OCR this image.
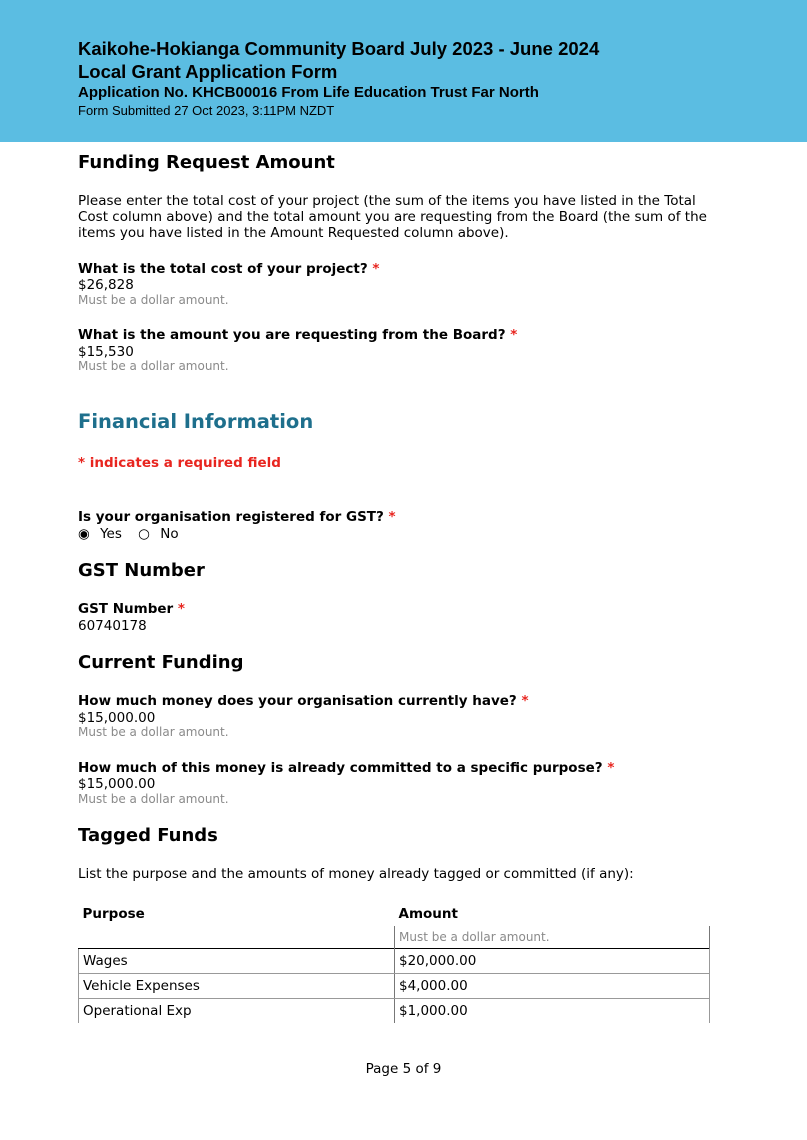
Kaikohe-Hokianga Community Board July 2023 - June 2024
Local Grant Application Form
Application No. KHCB00016 From Life Education Trust Far North
Form Submitted 27 Oct 2023, 3:11PM NZDT
Funding Request Amount
Please enter the total cost of your project (the sum of the items you have listed in the Total Cost column above) and the total amount you are requesting from the Board (the sum of the items you have listed in the Amount Requested column above).
What is the total cost of your project? *
$26,828
Must be a dollar amount.
What is the amount you are requesting from the Board? *
$15,530
Must be a dollar amount.
Financial Information
* indicates a required field
Is your organisation registered for GST? *
◉ Yes ○ No
GST Number
GST Number *
60740178
Current Funding
How much money does your organisation currently have? *
$15,000.00
Must be a dollar amount.
How much of this money is already committed to a specific purpose? *
$15,000.00
Must be a dollar amount.
Tagged Funds
List the purpose and the amounts of money already tagged or committed (if any):
Purpose	Amount
	Must be a dollar amount.
Wages	$20,000.00
Vehicle Expenses	$4,000.00
Operational Exp	$1,000.00
Page 5 of 9
